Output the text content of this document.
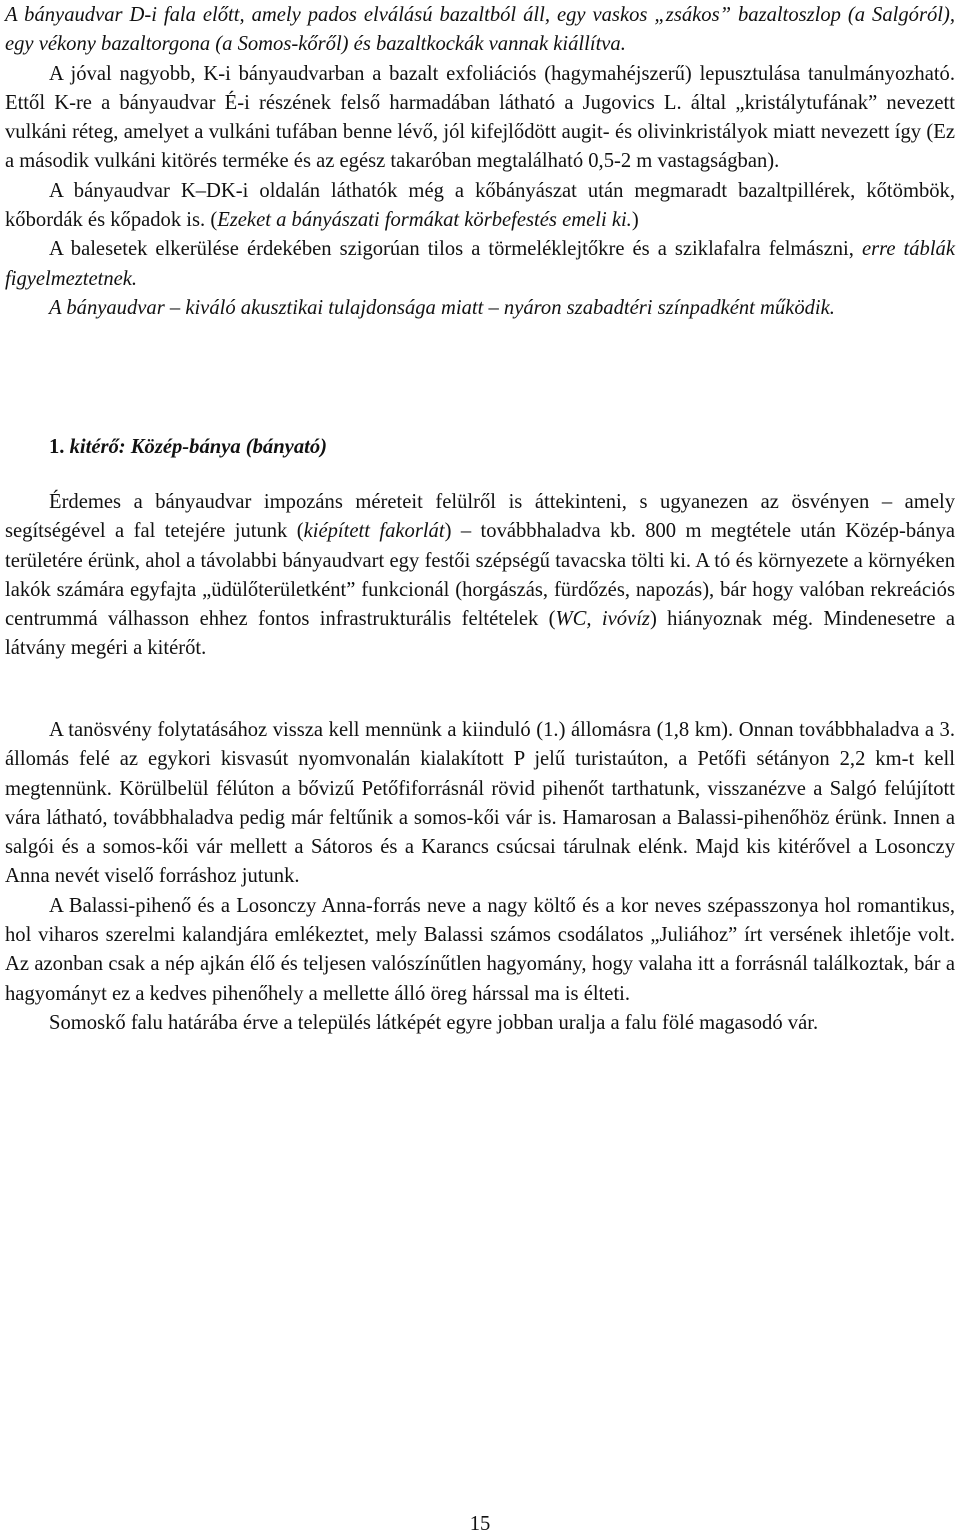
A bányaudvar D-i fala előtt, amely pados elválású bazaltból áll, egy vaskos „zsákos” bazaltoszlop (a Salgóról), egy vékony bazaltorgona (a Somos-kőről) és bazaltkockák vannak kiállítva.

A jóval nagyobb, K-i bányaudvarban a bazalt exfoliációs (hagymahéjszerű) lepusztulása tanulmányozható. Ettől K-re a bányaudvar É-i részének felső harmadában látható a Jugovics L. által „kristálytufának” nevezett vulkáni réteg, amelyet a vulkáni tufában benne lévő, jól kifejlődött augit- és olivinkristályok miatt nevezett így (Ez a második vulkáni kitörés terméke és az egész takaróban megtalálható 0,5-2 m vastagságban).

A bányaudvar K–DK-i oldalán láthatók még a kőbányászat után megmaradt bazaltpillérek, kőtömbök, kőbordák és kőpadok is. (Ezeket a bányászati formákat körbefestés emeli ki.)

A balesetek elkerülése érdekében szigorúan tilos a törmeléklejtőkre és a sziklafalra felmászni, erre táblák figyelmeztetnek.

A bányaudvar – kiváló akusztikai tulajdonsága miatt – nyáron szabadtéri színpadként működik.

1. kitérő: Közép-bánya (bányató)

Érdemes a bányaudvar impozáns méreteit felülről is áttekinteni, s ugyanezen az ösvényen – amely segítségével a fal tetejére jutunk (kiépített fakorlát) – továbbhaladva kb. 800 m megtétele után Közép-bánya területére érünk, ahol a távolabbi bányaudvart egy festői szépségű tavacska tölti ki. A tó és környezete a környéken lakók számára egyfajta „üdülőterületként” funkcionál (horgászás, fürdőzés, napozás), bár hogy valóban rekreációs centrummá válhasson ehhez fontos infrastrukturális feltételek (WC, ivóvíz) hiányoznak még. Mindenesetre a látvány megéri a kitérőt.

A tanösvény folytatásához vissza kell mennünk a kiinduló (1.) állomásra (1,8 km). Onnan továbbhaladva a 3. állomás felé az egykori kisvasút nyomvonalán kialakított P jelű turistaúton, a Petőfi sétányon 2,2 km-t kell megtennünk. Körülbelül félúton a bővizű Petőfiforrásnál rövid pihenőt tarthatunk, visszanézve a Salgó felújított vára látható, továbbhaladva pedig már feltűnik a somos-kői vár is. Hamarosan a Balassi-pihenőhöz érünk. Innen a salgói és a somos-kői vár mellett a Sátoros és a Karancs csúcsai tárulnak elénk. Majd kis kitérővel a Losonczy Anna nevét viselő forráshoz jutunk.

A Balassi-pihenő és a Losonczy Anna-forrás neve a nagy költő és a kor neves szépasszonya hol romantikus, hol viharos szerelmi kalandjára emlékeztet, mely Balassi számos csodálatos „Juliához” írt versének ihletője volt. Az azonban csak a nép ajkán élő és teljesen valószínűtlen hagyomány, hogy valaha itt a forrásnál találkoztak, bár a hagyományt ez a kedves pihenőhely a mellette álló öreg hárssal ma is élteti.

Somoskő falu határába érve a település látképét egyre jobban uralja a falu fölé magasodó vár.

15
